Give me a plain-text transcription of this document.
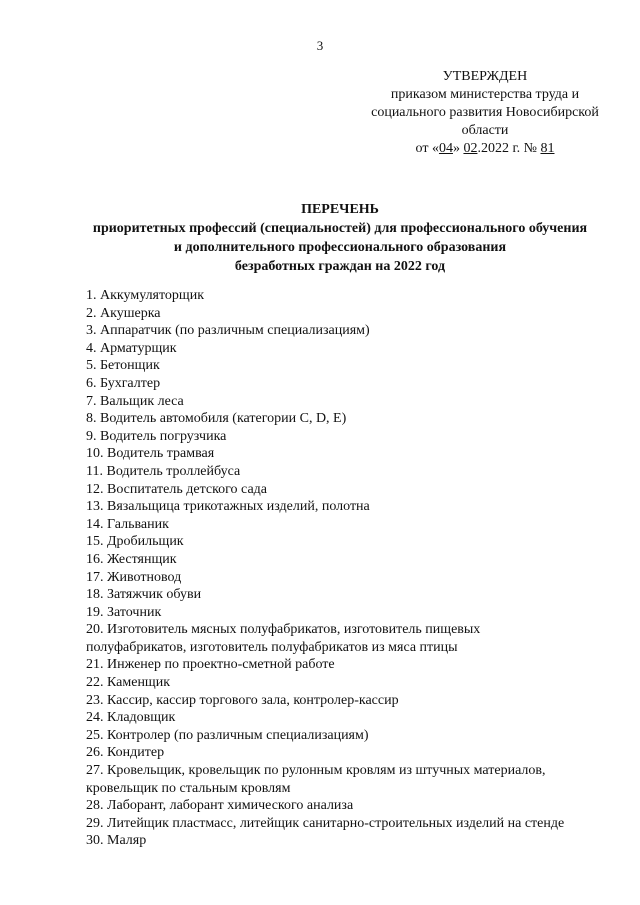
3
УТВЕРЖДЕН
приказом министерства труда и
социального развития Новосибирской
области
от «04» 02.2022 г. № 81
ПЕРЕЧЕНЬ
приоритетных профессий (специальностей) для профессионального обучения
и дополнительного профессионального образования
безработных граждан на 2022 год
1. Аккумуляторщик
2. Акушерка
3. Аппаратчик (по различным специализациям)
4. Арматурщик
5. Бетонщик
6. Бухгалтер
7. Вальщик леса
8. Водитель автомобиля (категории C, D, E)
9. Водитель погрузчика
10. Водитель трамвая
11. Водитель троллейбуса
12. Воспитатель детского сада
13. Вязальщица трикотажных изделий, полотна
14. Гальваник
15. Дробильщик
16. Жестянщик
17. Животновод
18. Затяжчик обуви
19. Заточник
20. Изготовитель мясных полуфабрикатов, изготовитель пищевых
полуфабрикатов, изготовитель полуфабрикатов из мяса птицы
21. Инженер по проектно-сметной работе
22. Каменщик
23. Кассир, кассир торгового зала, контролер-кассир
24. Кладовщик
25. Контролер (по различным специализациям)
26. Кондитер
27. Кровельщик, кровельщик по рулонным кровлям из штучных материалов,
кровельщик по стальным кровлям
28. Лаборант, лаборант химического анализа
29. Литейщик пластмасс, литейщик санитарно-строительных изделий на стенде
30. Маляр
